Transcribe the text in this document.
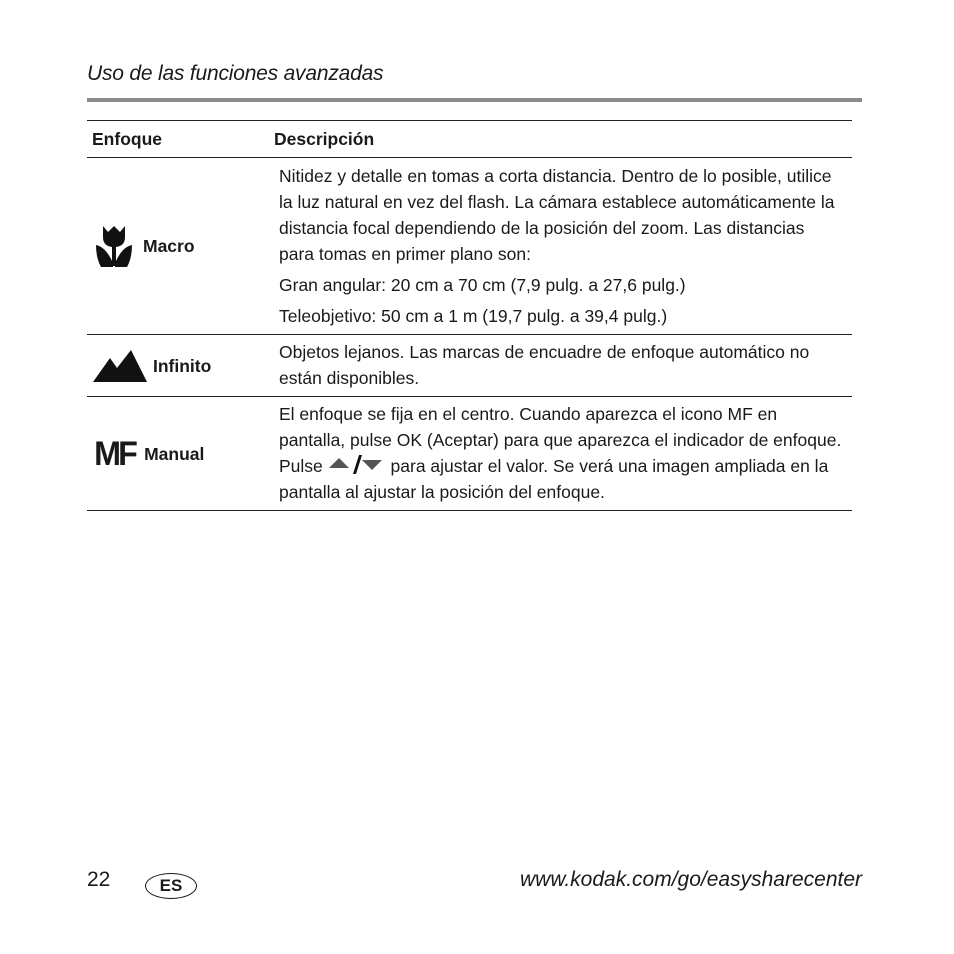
Uso de las funciones avanzadas
Enfoque	Descripción

Macro	Nitidez y detalle en tomas a corta distancia. Dentro de lo posible, utilice la luz natural en vez del flash. La cámara establece automáticamente la distancia focal dependiendo de la posición del zoom. Las distancias para tomas en primer plano son:

Gran angular: 20 cm a 70 cm (7,9 pulg. a 27,6 pulg.)

Teleobjetivo: 50 cm a 1 m (19,7 pulg. a 39,4 pulg.)

Infinito	Objetos lejanos. Las marcas de encuadre de enfoque automático no están disponibles.

MF Manual	El enfoque se fija en el centro. Cuando aparezca el icono MF en pantalla, pulse OK (Aceptar) para que aparezca el indicador de enfoque. Pulse para ajustar el valor. Se verá una imagen ampliada en la pantalla al ajustar la posición del enfoque.
22	ES	www.kodak.com/go/easysharecenter
